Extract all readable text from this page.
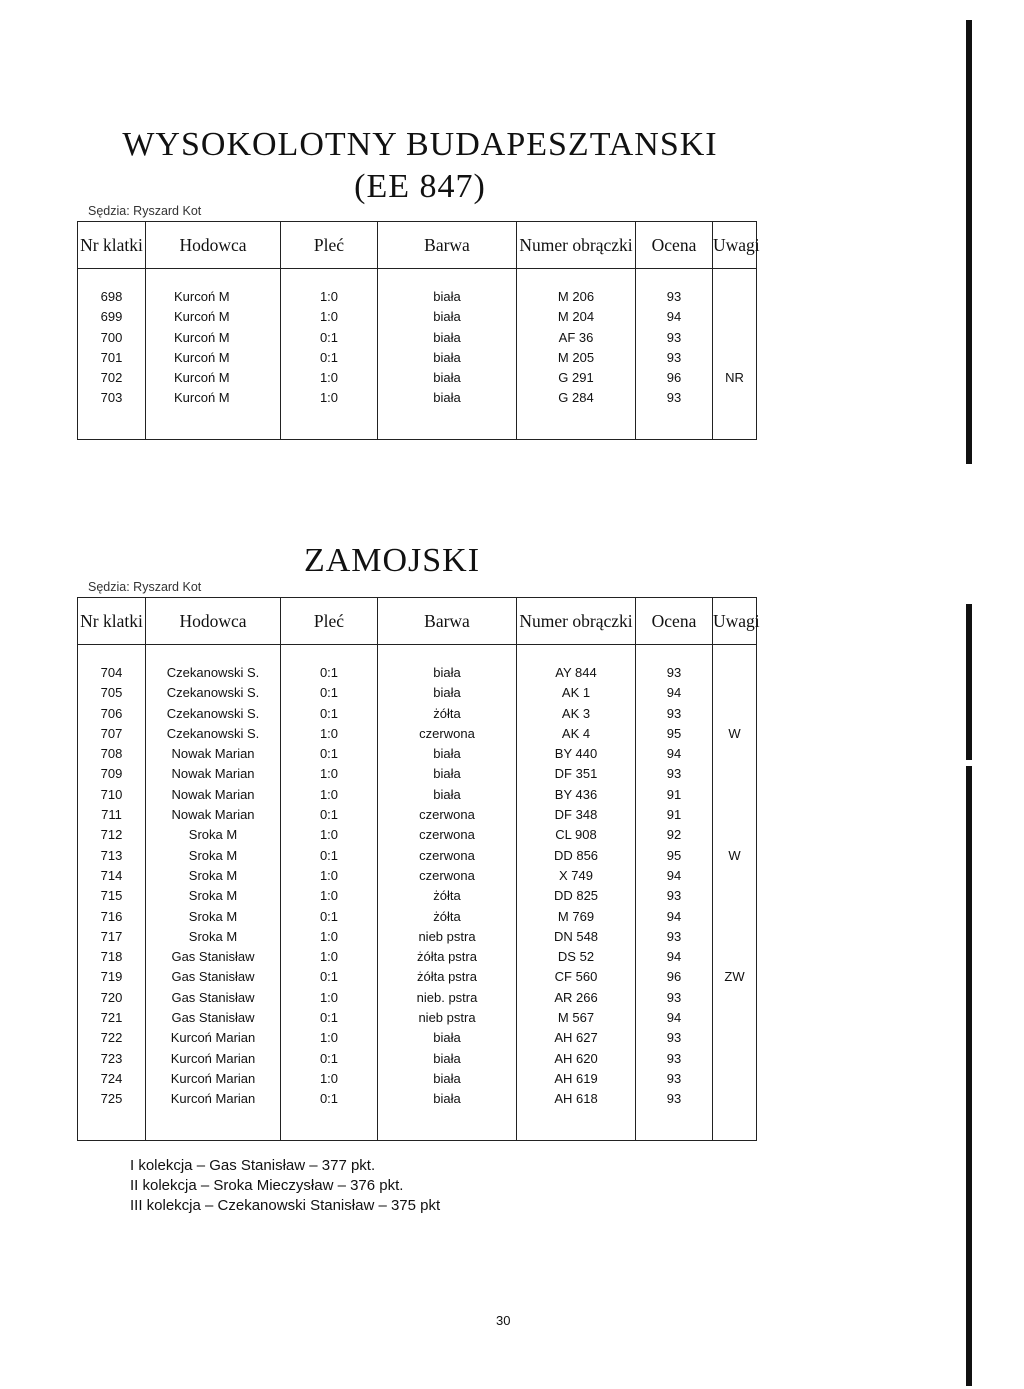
WYSOKOLOTNY BUDAPESZTANSKI
(EE 847)
Sędzia: Ryszard Kot
Nr klatki	Hodowca	Pleć	Barwa	Numer obrączki	Ocena	Uwagi

698	Kurcoń M	1:0	biała	M 206	93	
699	Kurcoń M	1:0	biała	M 204	94	
700	Kurcoń M	0:1	biała	AF 36	93	
701	Kurcoń M	0:1	biała	M 205	93	
702	Kurcoń M	1:0	biała	G 291	96	NR
703	Kurcoń M	1:0	biała	G 284	93	

ZAMOJSKI
Sędzia: Ryszard Kot
Nr klatki	Hodowca	Pleć	Barwa	Numer obrączki	Ocena	Uwagi

704	Czekanowski S.	0:1	biała	AY 844	93	
705	Czekanowski S.	0:1	biała	AK 1	94	
706	Czekanowski S.	0:1	żółta	AK 3	93	
707	Czekanowski S.	1:0	czerwona	AK 4	95	W
708	Nowak Marian	0:1	biała	BY 440	94	
709	Nowak Marian	1:0	biała	DF 351	93	
710	Nowak Marian	1:0	biała	BY 436	91	
711	Nowak Marian	0:1	czerwona	DF 348	91	
712	Sroka M	1:0	czerwona	CL 908	92	
713	Sroka M	0:1	czerwona	DD 856	95	W
714	Sroka M	1:0	czerwona	X 749	94	
715	Sroka M	1:0	żółta	DD 825	93	
716	Sroka M	0:1	żółta	M 769	94	
717	Sroka M	1:0	nieb pstra	DN 548	93	
718	Gas Stanisław	1:0	żółta pstra	DS 52	94	
719	Gas Stanisław	0:1	żółta pstra	CF 560	96	ZW
720	Gas Stanisław	1:0	nieb. pstra	AR 266	93	
721	Gas Stanisław	0:1	nieb pstra	M 567	94	
722	Kurcoń Marian	1:0	biała	AH 627	93	
723	Kurcoń Marian	0:1	biała	AH 620	93	
724	Kurcoń Marian	1:0	biała	AH 619	93	
725	Kurcoń Marian	0:1	biała	AH 618	93	

I kolekcja – Gas Stanisław – 377 pkt.
II kolekcja – Sroka Mieczysław – 376 pkt.
III kolekcja – Czekanowski Stanisław – 375 pkt
30
